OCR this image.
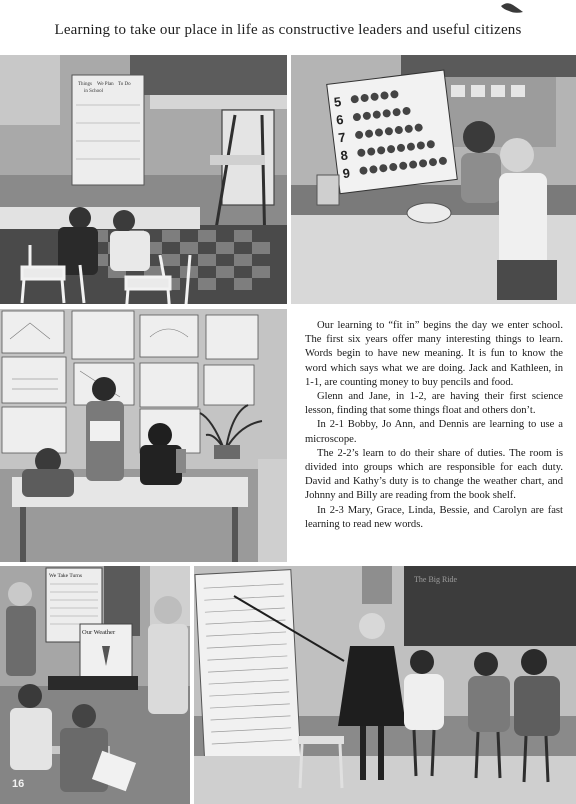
Learning to take our place in life as constructive leaders and useful citizens
Things We Plan To Do
in School
5
6
7
8
9
We Take Turns
Our Weather
The Big Ride

Our learning to “fit in” begins the day we enter school. The first six years offer many interesting things to learn. Words begin to have new meaning. It is fun to know the word which says what we are doing. Jack and Kathleen, in 1-1, are counting money to buy pencils and food.

Glenn and Jane, in 1-2, are having their first science lesson, finding that some things float and others don’t.

In 2-1 Bobby, Jo Ann, and Dennis are learning to use a microscope.

The 2-2’s learn to do their share of duties. The room is divided into groups which are responsible for each duty. David and Kathy’s duty is to change the weather chart, and Johnny and Billy are reading from the book shelf.

In 2-3 Mary, Grace, Linda, Bessie, and Carolyn are fast learning to read new words.

16
